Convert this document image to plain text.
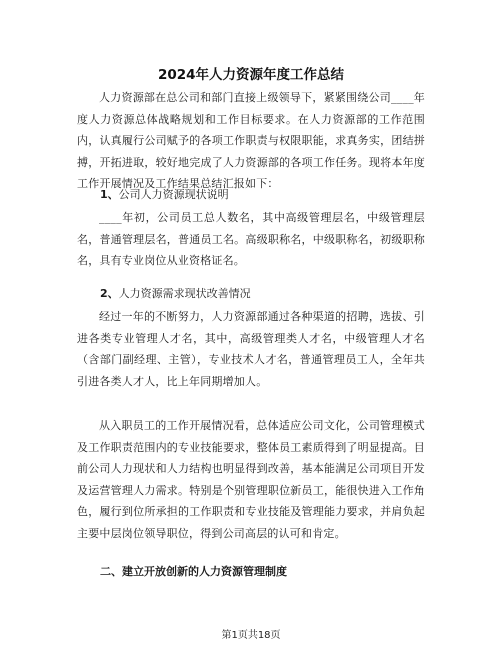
2024年人力资源年度工作总结
人力资源部在总公司和部门直接上级领导下，紧紧围绕公司____年度人力资源总体战略规划和工作目标要求。在人力资源部的工作范围内，认真履行公司赋予的各项工作职责与权限职能，求真务实，团结拼搏，开拓进取，较好地完成了人力资源部的各项工作任务。现将本年度工作开展情况及工作结果总结汇报如下：
1、公司人力资源现状说明
____年初，公司员工总人数名，其中高级管理层名，中级管理层名，普通管理层名，普通员工名。高级职称名，中级职称名，初级职称名，具有专业岗位从业资格证名。
2、人力资源需求现状改善情况
经过一年的不断努力，人力资源部通过各种渠道的招聘，选拔、引进各类专业管理人才名，其中，高级管理类人才名，中级管理人才名（含部门副经理、主管），专业技术人才名，普通管理员工人，全年共引进各类人才人，比上年同期增加人。
从入职员工的工作开展情况看，总体适应公司文化，公司管理模式及工作职责范围内的专业技能要求，整体员工素质得到了明显提高。目前公司人力现状和人力结构也明显得到改善，基本能满足公司项目开发及运营管理人力需求。特别是个别管理职位新员工，能很快进入工作角色，履行到位所承担的工作职责和专业技能及管理能力要求，并肩负起主要中层岗位领导职位，得到公司高层的认可和肯定。
二、建立开放创新的人力资源管理制度
第1页共18页
